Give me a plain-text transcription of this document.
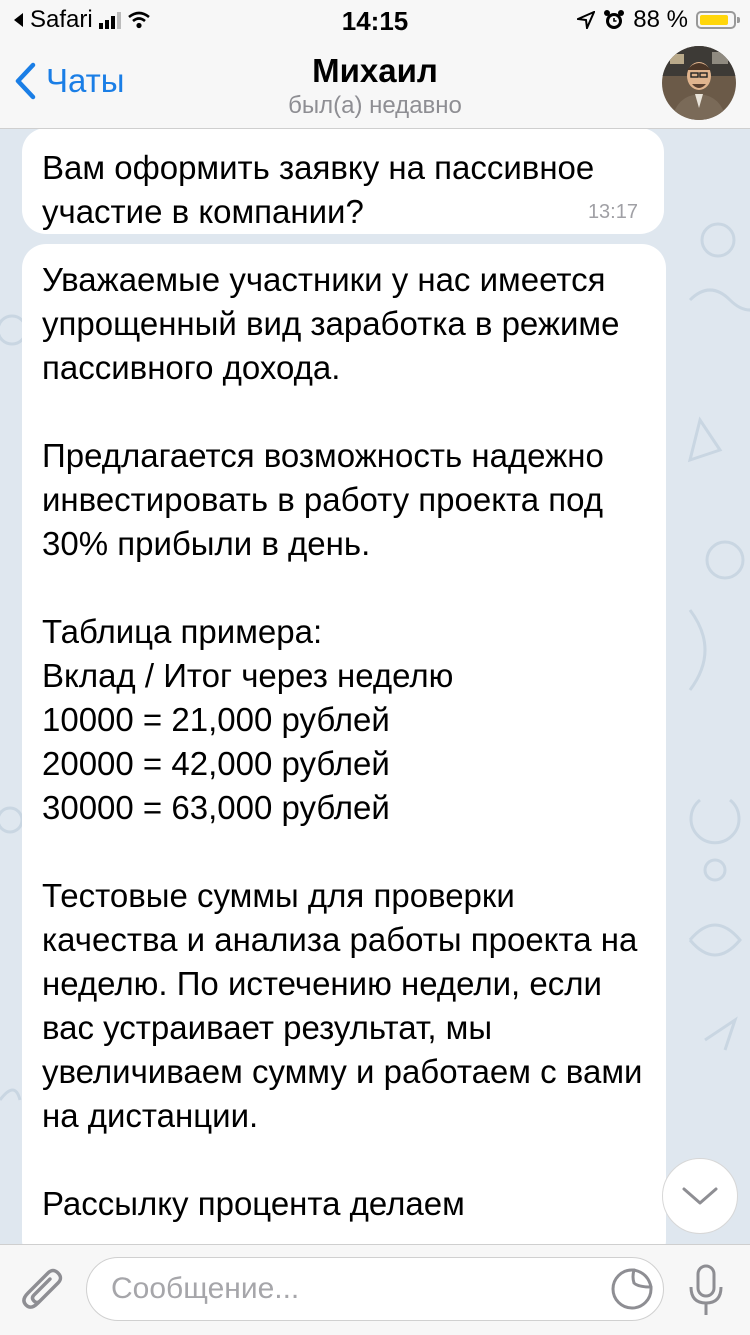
Safari	14:15	88 %
Чаты	Михаил
был(а) недавно
Вам оформить заявку на пассивное участие в компании?	13:17

Уважаемые участники у нас имеется упрощенный вид заработка в режиме пассивного дохода.

Предлагается возможность надежно инвестировать в работу проекта под 30% прибыли в день.

Таблица примера:
Вклад / Итог через неделю
10000 = 21,000 рублей
20000 = 42,000 рублей
30000 = 63,000 рублей

Тестовые суммы для проверки качества и анализа работы проекта на неделю. По истечению недели, если вас устраивает результат, мы увеличиваем сумму и работаем с вами на дистанции.

Рассылку процента делаем

Сообщение...
